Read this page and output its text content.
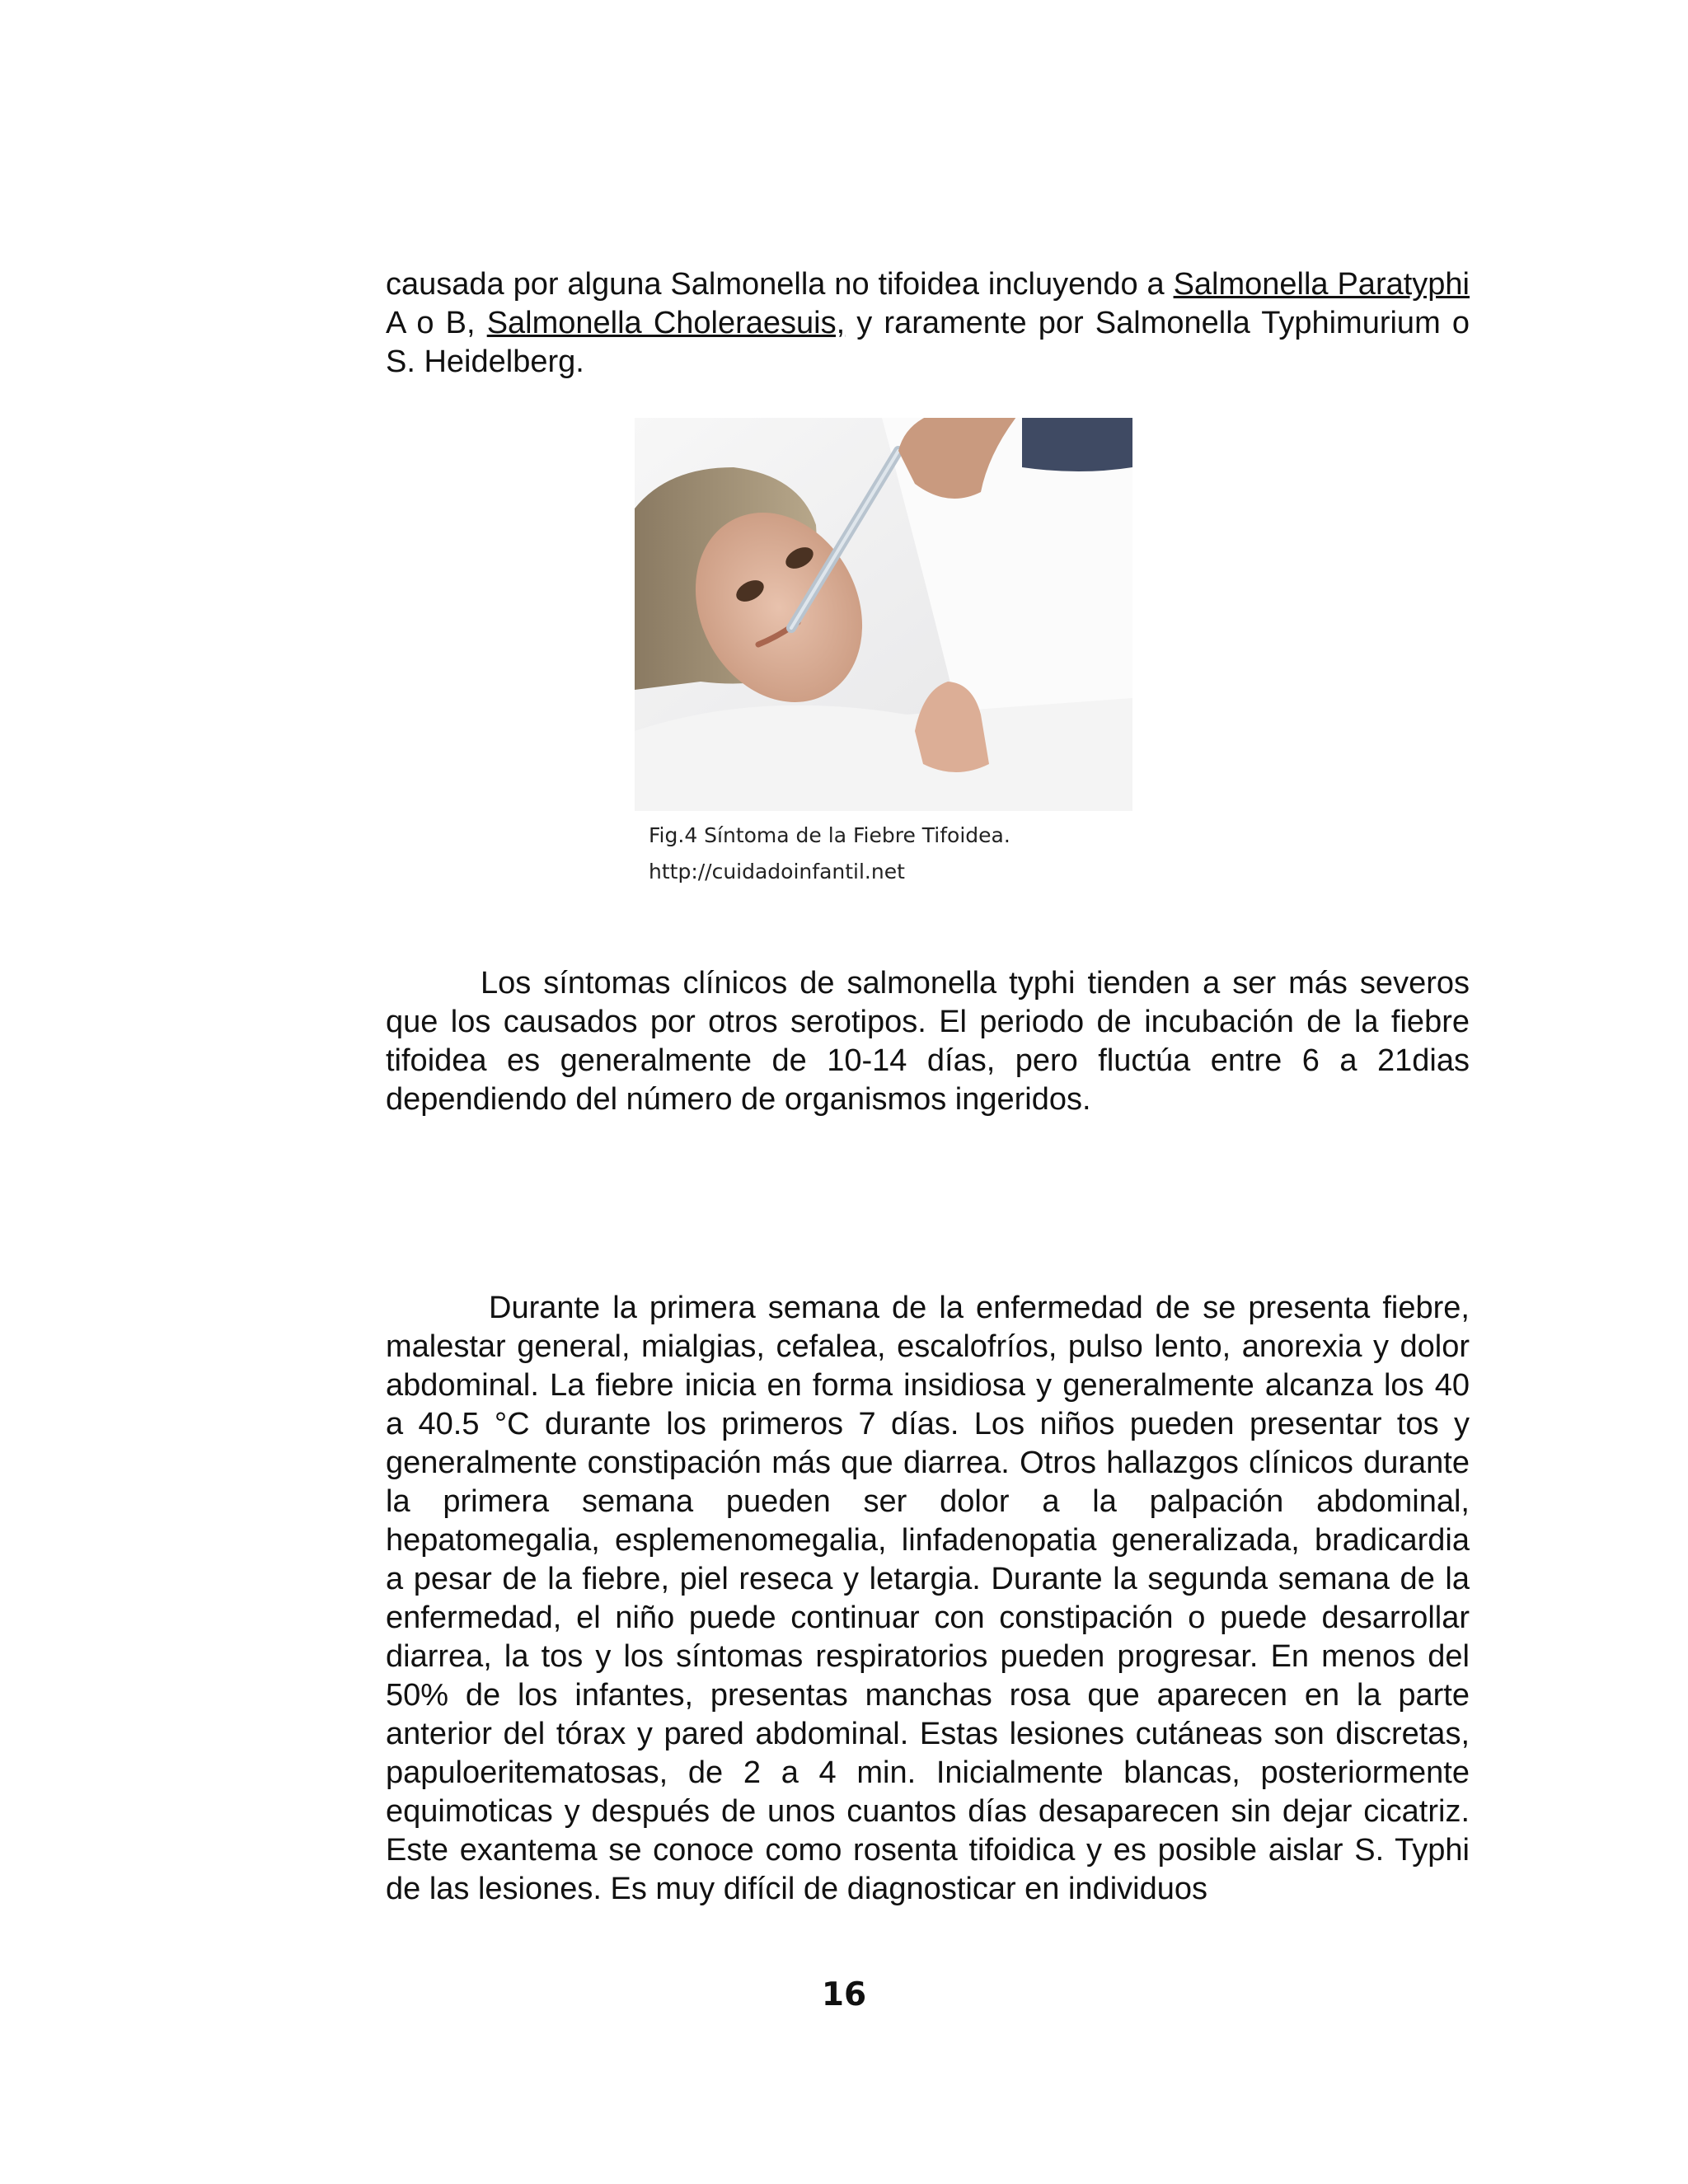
causada por alguna Salmonella no tifoidea incluyendo a Salmonella Paratyphi A o B, Salmonella Choleraesuis, y raramente por Salmonella Typhimurium o S. Heidelberg.

Fig.4 Síntoma de la Fiebre Tifoidea.
http://cuidadoinfantil.net

Los síntomas clínicos de salmonella typhi tienden a ser más severos que los causados por otros serotipos. El periodo de incubación de la fiebre tifoidea es generalmente de 10-14 días, pero fluctúa entre 6 a 21dias dependiendo del número de organismos ingeridos.

Durante la primera semana de la enfermedad de se presenta fiebre, malestar general, mialgias, cefalea, escalofríos, pulso lento, anorexia y dolor abdominal. La fiebre inicia en forma insidiosa y generalmente alcanza los 40 a 40.5 °C durante los primeros 7 días. Los niños pueden presentar tos y generalmente constipación más que diarrea. Otros hallazgos clínicos durante la primera semana pueden ser dolor a la palpación abdominal, hepatomegalia, esplemenomegalia, linfadenopatia generalizada, bradicardia a pesar de la fiebre, piel reseca y letargia. Durante la segunda semana de la enfermedad, el niño puede continuar con constipación o puede desarrollar diarrea, la tos y los síntomas respiratorios pueden progresar. En menos del 50% de los infantes, presentas manchas rosa que aparecen en la parte anterior del tórax y pared abdominal. Estas lesiones cutáneas son discretas, papuloeritematosas, de 2 a 4 min. Inicialmente blancas, posteriormente equimoticas y después de unos cuantos días desaparecen sin dejar cicatriz. Este exantema se conoce como rosenta tifoidica y es posible aislar S. Typhi de las lesiones. Es muy difícil de diagnosticar en individuos

16
